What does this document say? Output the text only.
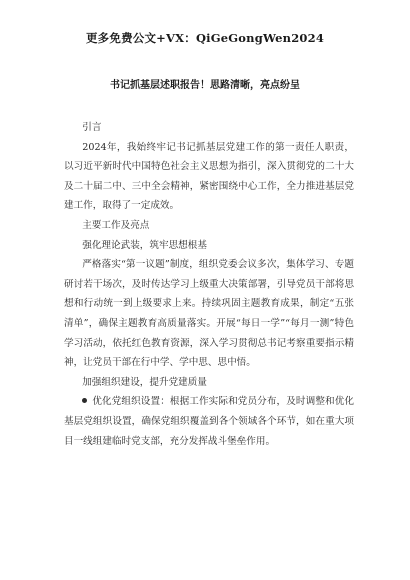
更多免费公文+VX：QiGeGongWen2024
书记抓基层述职报告！思路清晰，亮点纷呈

引言

2024年，我始终牢记书记抓基层党建工作的第一责任人职责，以习近平新时代中国特色社会主义思想为指引，深入贯彻党的二十大及二十届二中、三中全会精神，紧密围绕中心工作，全力推进基层党建工作，取得了一定成效。

主要工作及亮点

强化理论武装，筑牢思想根基

严格落实“第一议题”制度，组织党委会议多次，集体学习、专题研讨若干场次，及时传达学习上级重大决策部署，引导党员干部将思想和行动统一到上级要求上来。持续巩固主题教育成果，制定“五张清单”，确保主题教育高质量落实。开展“每日一学”“每月一测”特色学习活动，依托红色教育资源，深入学习贯彻总书记考察重要指示精神，让党员干部在行中学、学中思、思中悟。

加强组织建设，提升党建质量

优化党组织设置：根据工作实际和党员分布，及时调整和优化基层党组织设置，确保党组织覆盖到各个领域各个环节，如在重大项目一线组建临时党支部，充分发挥战斗堡垒作用。
